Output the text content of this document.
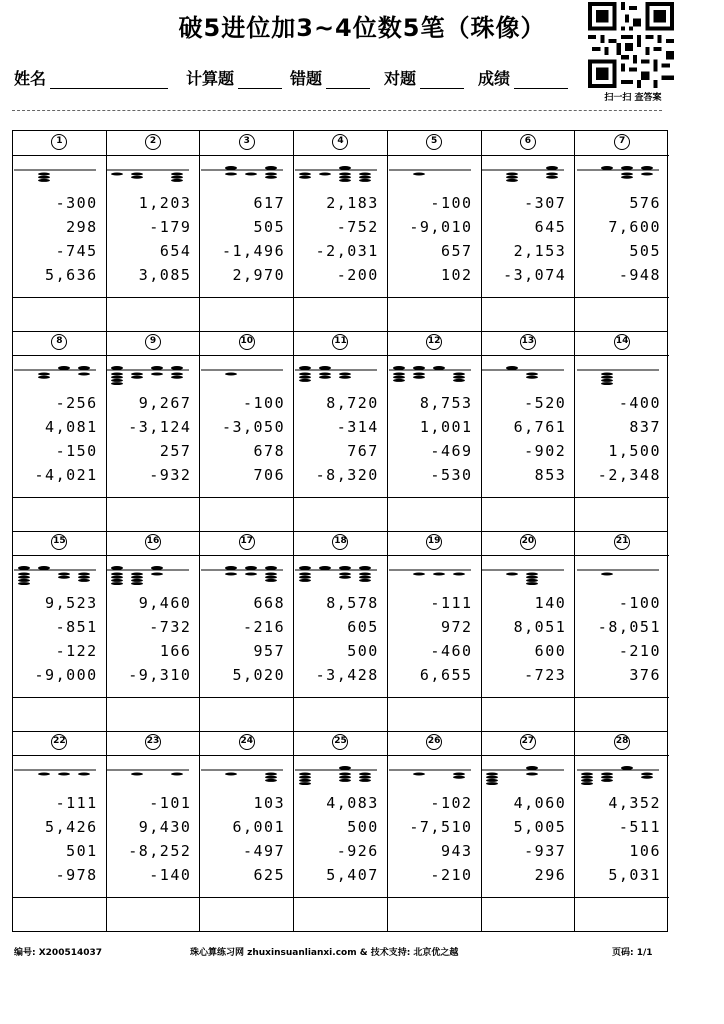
破5进位加3~4位数5笔（珠像）
扫一扫 查答案
姓名	计算题	错题	对题	成绩
1
-300
298
-745
5,636
2
1,203
-179
654
3,085
3
617
505
-1,496
2,970
4
2,183
-752
-2,031
-200
5
-100
-9,010
657
102
6
-307
645
2,153
-3,074
7
576
7,600
505
-948
8
-256
4,081
-150
-4,021
9
9,267
-3,124
257
-932
10
-100
-3,050
678
706
11
8,720
-314
767
-8,320
12
8,753
1,001
-469
-530
13
-520
6,761
-902
853
14
-400
837
1,500
-2,348
15
9,523
-851
-122
-9,000
16
9,460
-732
166
-9,310
17
668
-216
957
5,020
18
8,578
605
500
-3,428
19
-111
972
-460
6,655
20
140
8,051
600
-723
21
-100
-8,051
-210
376
22
-111
5,426
501
-978
23
-101
9,430
-8,252
-140
24
103
6,001
-497
625
25
4,083
500
-926
5,407
26
-102
-7,510
943
-210
27
4,060
5,005
-937
296
28
4,352
-511
106
5,031
编号: X200514037	珠心算练习网 zhuxinsuanlianxi.com & 技术支持: 北京优之越	页码: 1/1
